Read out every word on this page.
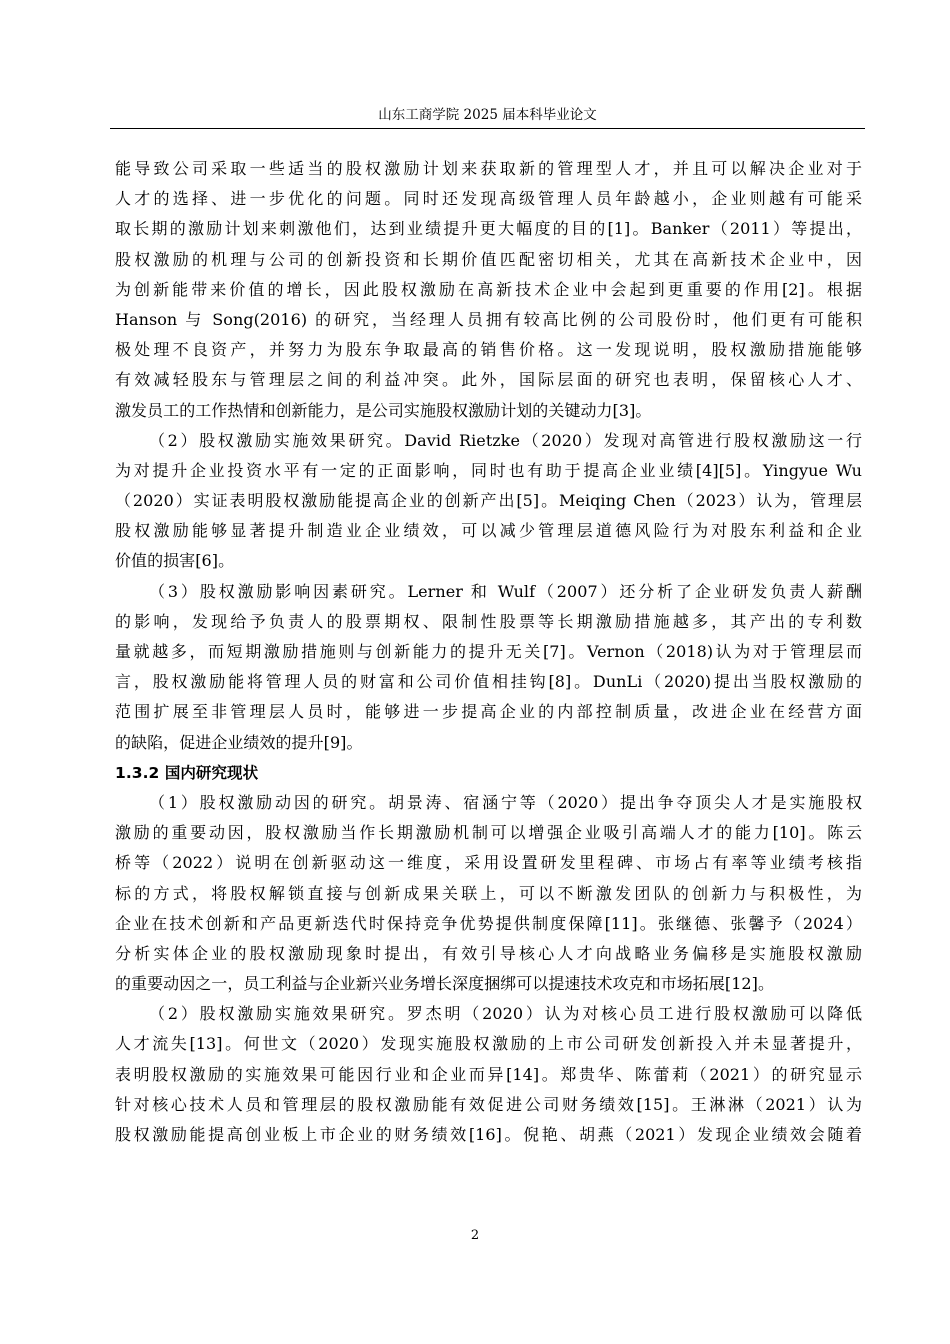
山东工商学院 2025 届本科毕业论文
能导致公司采取一些适当的股权激励计划来获取新的管理型人才，并且可以解决企业对于
人才的选择、进一步优化的问题。同时还发现高级管理人员年龄越小，企业则越有可能采
取长期的激励计划来刺激他们，达到业绩提升更大幅度的目的[1]。Banker（2011）等提出，
股权激励的机理与公司的创新投资和长期价值匹配密切相关，尤其在高新技术企业中，因
为创新能带来价值的增长，因此股权激励在高新技术企业中会起到更重要的作用[2]。根据
Hanson 与 Song(2016) 的研究，当经理人员拥有较高比例的公司股份时，他们更有可能积
极处理不良资产，并努力为股东争取最高的销售价格。这一发现说明，股权激励措施能够
有效减轻股东与管理层之间的利益冲突。此外，国际层面的研究也表明，保留核心人才、
激发员工的工作热情和创新能力，是公司实施股权激励计划的关键动力[3]。
（2）股权激励实施效果研究。David Rietzke（2020）发现对高管进行股权激励这一行
为对提升企业投资水平有一定的正面影响，同时也有助于提高企业业绩[4][5]。Yingyue Wu
（2020）实证表明股权激励能提高企业的创新产出[5]。Meiqing Chen（2023）认为，管理层
股权激励能够显著提升制造业企业绩效，可以减少管理层道德风险行为对股东利益和企业
价值的损害[6]。
（3）股权激励影响因素研究。Lerner 和 Wulf（2007）还分析了企业研发负责人薪酬
的影响，发现给予负责人的股票期权、限制性股票等长期激励措施越多，其产出的专利数
量就越多，而短期激励措施则与创新能力的提升无关[7]。Vernon（2018)认为对于管理层而
言，股权激励能将管理人员的财富和公司价值相挂钩[8]。DunLi（2020)提出当股权激励的
范围扩展至非管理层人员时，能够进一步提高企业的内部控制质量，改进企业在经营方面
的缺陷，促进企业绩效的提升[9]。
1.3.2 国内研究现状
（1）股权激励动因的研究。胡景涛、宿涵宁等（2020）提出争夺顶尖人才是实施股权
激励的重要动因，股权激励当作长期激励机制可以增强企业吸引高端人才的能力[10]。陈云
桥等（2022）说明在创新驱动这一维度，采用设置研发里程碑、市场占有率等业绩考核指
标的方式，将股权解锁直接与创新成果关联上，可以不断激发团队的创新力与积极性，为
企业在技术创新和产品更新迭代时保持竞争优势提供制度保障[11]。张继德、张馨予（2024）
分析实体企业的股权激励现象时提出，有效引导核心人才向战略业务偏移是实施股权激励
的重要动因之一，员工利益与企业新兴业务增长深度捆绑可以提速技术攻克和市场拓展[12]。
（2）股权激励实施效果研究。罗杰明（2020）认为对核心员工进行股权激励可以降低
人才流失[13]。何世文（2020）发现实施股权激励的上市公司研发创新投入并未显著提升，
表明股权激励的实施效果可能因行业和企业而异[14]。郑贵华、陈蕾莉（2021）的研究显示
针对核心技术人员和管理层的股权激励能有效促进公司财务绩效[15]。王淋淋（2021）认为
股权激励能提高创业板上市企业的财务绩效[16]。倪艳、胡燕（2021）发现企业绩效会随着
2
